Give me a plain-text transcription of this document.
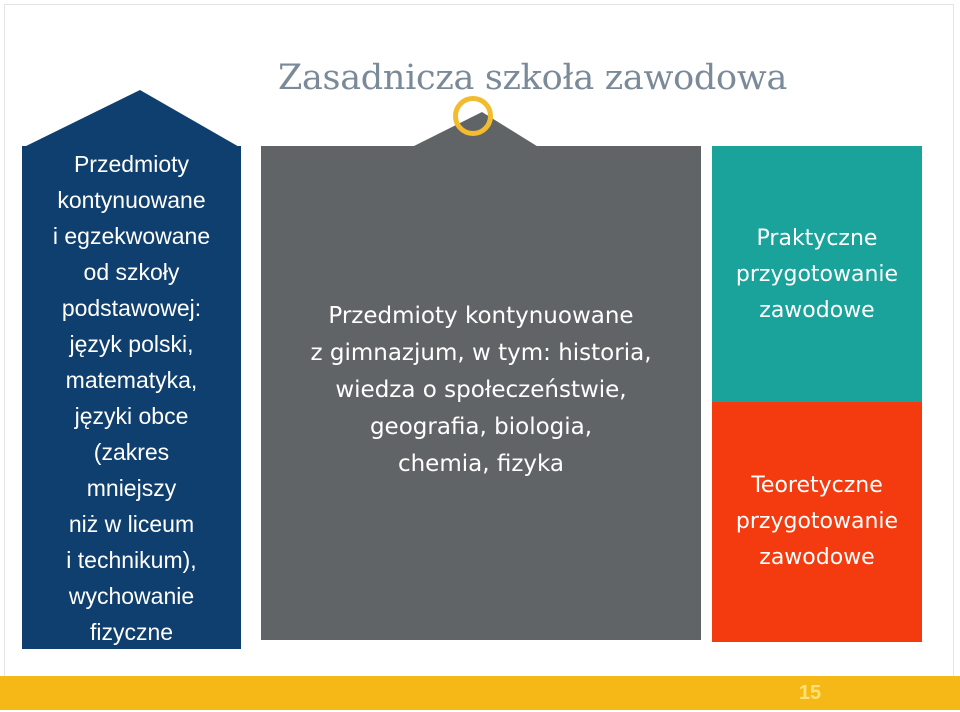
Zasadnicza szkoła zawodowa
Przedmioty
kontynuowane
i egzekwowane
od szkoły
podstawowej:
język polski,
matematyka,
języki obce
(zakres
mniejszy
niż w liceum
i technikum),
wychowanie
fizyczne
Przedmioty kontynuowane
z gimnazjum, w tym: historia,
wiedza o społeczeństwie,
geografia, biologia,
chemia, fizyka
Praktyczne
przygotowanie
zawodowe
Teoretyczne
przygotowanie
zawodowe
15
